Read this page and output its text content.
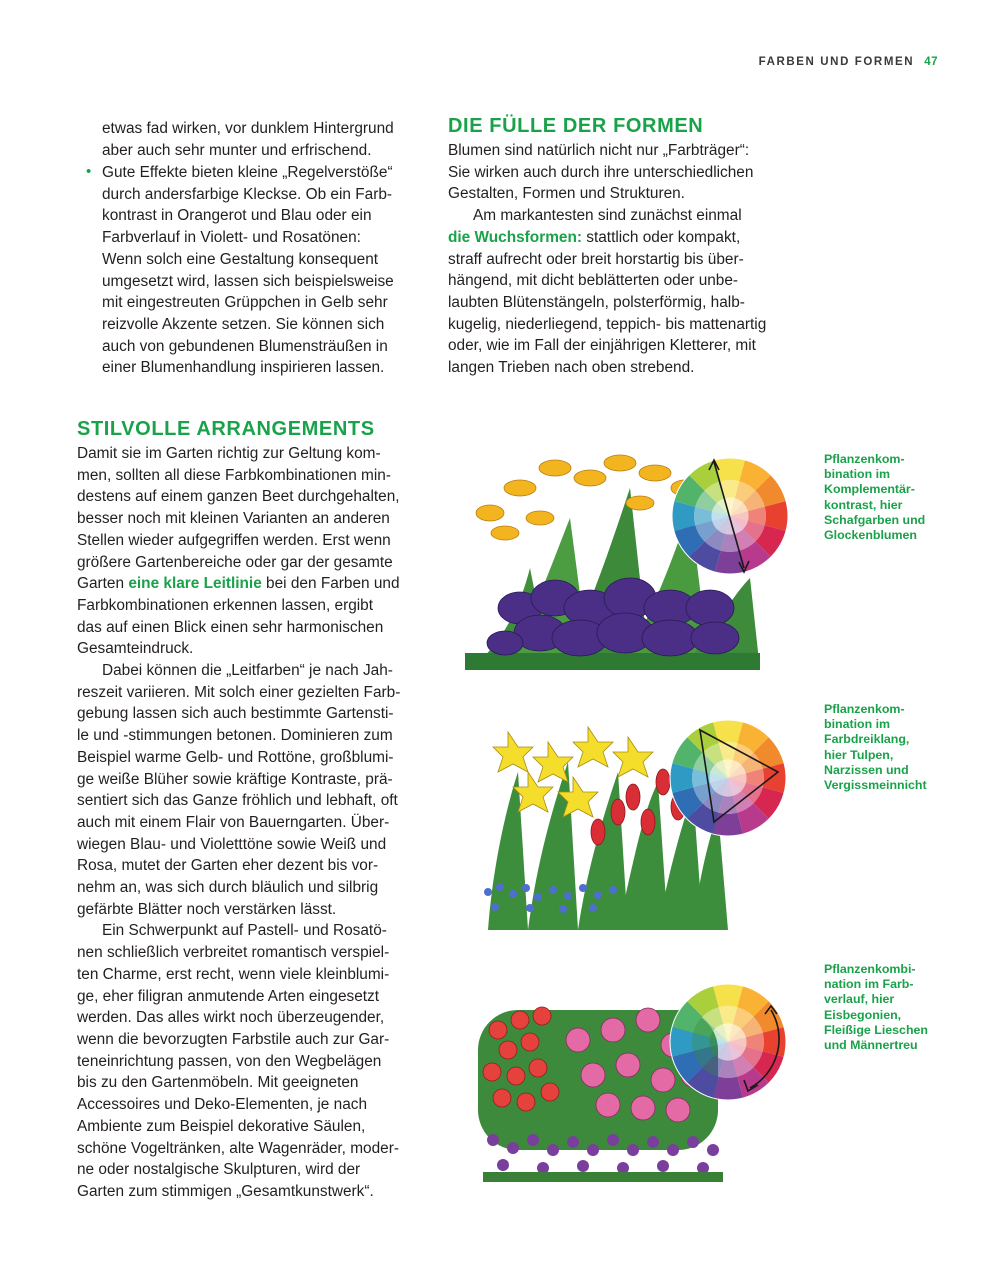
FARBEN UND FORMEN 47
etwas fad wirken, vor dunklem Hintergrund
aber auch sehr munter und erfrischend.
• Gute Effekte bieten kleine „Regelverstöße“
durch andersfarbige Kleckse. Ob ein Farb-
kontrast in Orangerot und Blau oder ein
Farbverlauf in Violett- und Rosatönen:
Wenn solch eine Gestaltung konsequent
umgesetzt wird, lassen sich beispielsweise
mit eingestreuten Grüppchen in Gelb sehr
reizvolle Akzente setzen. Sie können sich
auch von gebundenen Blumensträußen in
einer Blumenhandlung inspirieren lassen.
DIE FÜLLE DER FORMEN
Blumen sind natürlich nicht nur „Farbträger“:
Sie wirken auch durch ihre unterschiedlichen
Gestalten, Formen und Strukturen.
Am markantesten sind zunächst einmal
die Wuchsformen: stattlich oder kompakt,
straff aufrecht oder breit horstartig bis über-
hängend, mit dicht beblätterten oder unbe-
laubten Blütenstängeln, polsterförmig, halb-
kugelig, niederliegend, teppich- bis mattenartig
oder, wie im Fall der einjährigen Kletterer, mit
langen Trieben nach oben strebend.
STILVOLLE ARRANGEMENTS
Damit sie im Garten richtig zur Geltung kom-
men, sollten all diese Farbkombinationen min-
destens auf einem ganzen Beet durchgehalten,
besser noch mit kleinen Varianten an anderen
Stellen wieder aufgegriffen werden. Erst wenn
größere Gartenbereiche oder gar der gesamte
Garten eine klare Leitlinie bei den Farben und
Farbkombinationen erkennen lassen, ergibt
das auf einen Blick einen sehr harmonischen
Gesamteindruck.
Dabei können die „Leitfarben“ je nach Jah-
reszeit variieren. Mit solch einer gezielten Farb-
gebung lassen sich auch bestimmte Gartensti-
le und -stimmungen betonen. Dominieren zum
Beispiel warme Gelb- und Rottöne, großblumi-
ge weiße Blüher sowie kräftige Kontraste, prä-
sentiert sich das Ganze fröhlich und lebhaft, oft
auch mit einem Flair von Bauerngarten. Über-
wiegen Blau- und Violetttöne sowie Weiß und
Rosa, mutet der Garten eher dezent bis vor-
nehm an, was sich durch bläulich und silbrig
gefärbte Blätter noch verstärken lässt.
Ein Schwerpunkt auf Pastell- und Rosatö-
nen schließlich verbreitet romantisch verspiel-
ten Charme, erst recht, wenn viele kleinblumi-
ge, eher filigran anmutende Arten eingesetzt
werden. Das alles wirkt noch überzeugender,
wenn die bevorzugten Farbstile auch zur Gar-
teneinrichtung passen, von den Wegbelägen
bis zu den Gartenmöbeln. Mit geeigneten
Accessoires und Deko-Elementen, je nach
Ambiente zum Beispiel dekorative Säulen,
schöne Vogeltränken, alte Wagenräder, moder-
ne oder nostalgische Skulpturen, wird der
Garten zum stimmigen „Gesamtkunstwerk“.
Pflanzenkom-
bination im
Komplementär-
kontrast, hier
Schafgarben und
Glockenblumen
Pflanzenkom-
bination im
Farbdreiklang,
hier Tulpen,
Narzissen und
Vergissmeinnicht
Pflanzenkombi-
nation im Farb-
verlauf, hier
Eisbegonien,
Fleißige Lieschen
und Männertreu
